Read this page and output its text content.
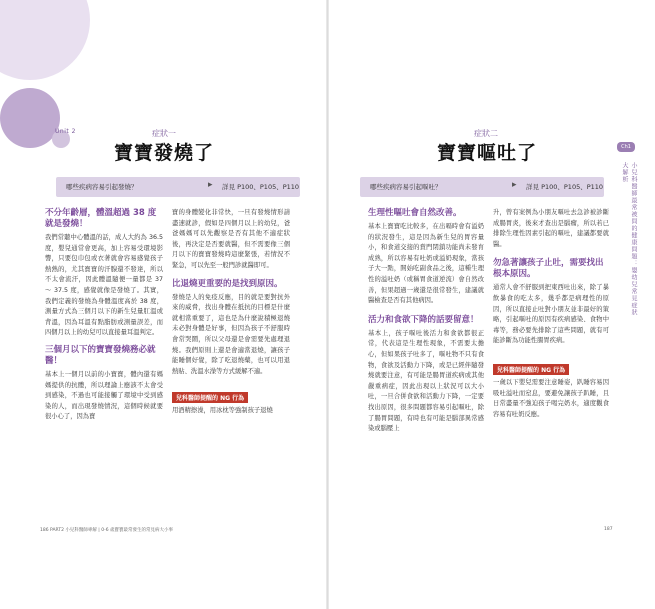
Unit 2	症狀一
寶寶發燒了
哪些疾病容易引起發燒？	▸ 詳見 P100、P105、P110
不分年齡層，體溫超過 38 度就是發燒！
我們常聽中心體溫的話，成人大約為 36.5 度，嬰兒通常會更高，加上容易受環境影響，只要包巾包或衣著就會容易感覺孩子熱熱的，尤其寶寶的汗腺還不發達，所以不太會流汗，因此體溫隨便一量都是 37 ～ 37.5 度，感覺就像是發燒了。其實，我們定義的發燒為身體溫度高於 38 度，測量方式為三個月以下的新生兒量肛溫或背溫，因為耳溫有點脂肪或測量誤差，而四個月以上的幼兒可以直接量耳溫判定。
三個月以下的寶寶發燒務必就醫！
基本上一個月以前的小寶寶，體內還有媽媽提供的抗體，所以理論上應該不太會受到感染，不過也可能接觸了環境中受到感染的人，而出現發燒情況，這個時候就要很小心了，因為寶
寶的身體變化非常快，一旦有發燒情形請盡速就診，假如是四個月以上的幼兒，爸爸媽媽可以先觀察是否有其他不適症狀後，再決定是否要就醫，但不需要像三個月以下的寶寶發燒時這麼緊張，若情況不緊急，可以先至一般門診就醫即可。
比退燒更重要的是找到原因。
發燒是人的免疫反應，目的就是要對抗外來的威脅，找出身體在抵抗的目標是什麼就相當重要了，這也是為什麼說積極退燒未必對身體是好事，但因為孩子不舒服時會常哭鬧，所以父母還是會需要先處理退燒。我們原則上還是會適當退燒，讓孩子能睡個好覺，除了吃退燒藥，也可以用退熱貼、洗溫水澡等方式緩解不適。
兒科醫師提醒的 NG 行為
用酒精擦澡，用冰枕等強制孩子退燒
186 PART2 小兒科醫師專解 | 0-6 歲寶寶最常發生的常見病大小事
症狀二
寶寶嘔吐了
哪些疾病容易引起嘔吐？	▸ 詳見 P100、P105、P110
Ch1
小兒科醫師最常被問的健康問題：嬰幼兒常見症狀大解析
生理性嘔吐會自然改善。
基本上寶寶吃比較多，在出嗝時會有溢奶的狀況發生，這是因為新生兒的胃容量小，和食道交接的賁門閉鎖功能尚未發育成熟，所以容易有吐奶或溢奶現象，當孩子大一點，開始吃副食品之後，這種生理性的溢吐奶（或稱胃食道逆流）會自然改善，但果超過一歲還是很常發生，建議就醫檢查是否有其他病因。
活力和食欲下降的話要留意！
基本上，孩子嘔吐後活力和食欲都很正常，代表這是生理性現象，不需要太擔心，但如果孩子吐多了，嘔吐物不只有食物，食欲及活動力下降，或是已經伴隨發燒就要注意，有可能是腸胃道疾病或其他嚴重病症，因此出現以上狀況可以大小吐，一旦合併食欲和活動力下降，一定要找出原因，很多問題都容易引起嘔吐，除了腸胃問題，有時也有可能是腦部異常感染或腦壓上
升，曾有案例為小朋友嘔吐去急診被診斷成腸胃炎，後來才查出是腦瘤，所以若已排除生理性因素引起的嘔吐，建議都要就醫。
勿急著讓孩子止吐，需要找出根本原因。
通常人會不舒服到把東西吐出來，除了暴飲暴食的吃太多，幾乎都是病理性的原因，所以直接止吐對小朋友並非最好的策略，引起嘔吐的原因有疾病感染、食物中毒等，務必要先排除了這些問題，就有可能診斷為功能性腸胃疾病。
兒科醫師提醒的 NG 行為
一歲以下嬰兒需要注意睡姿，趴睡容易因吸吐溢吐而窒息，要避免讓孩子趴睡，且日常盡量不強迫孩子喝完奶水，適度觀食容易有吐奶反應。
187
